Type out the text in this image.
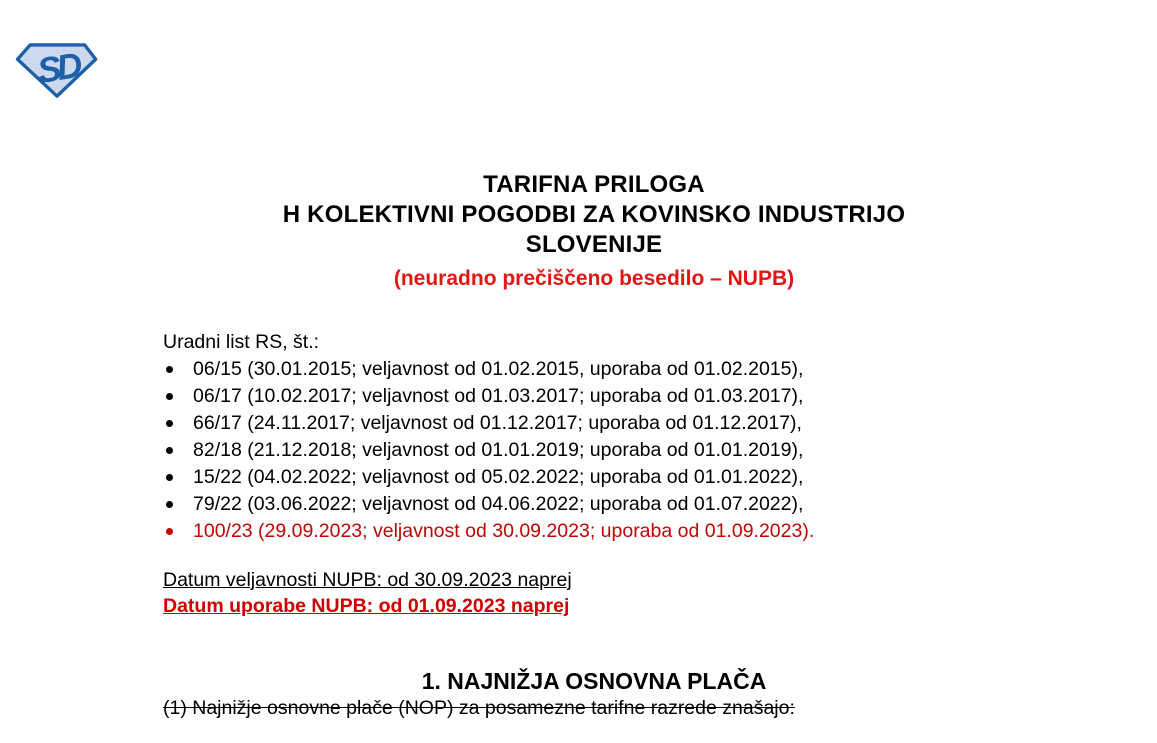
SD
TARIFNA PRILOGA
H KOLEKTIVNI POGODBI ZA KOVINSKO INDUSTRIJO
SLOVENIJE
(neuradno prečiščeno besedilo – NUPB)
Uradni list RS, št.:
06/15 (30.01.2015; veljavnost od 01.02.2015, uporaba od 01.02.2015),
06/17 (10.02.2017; veljavnost od 01.03.2017; uporaba od 01.03.2017),
66/17 (24.11.2017; veljavnost od 01.12.2017; uporaba od 01.12.2017),
82/18 (21.12.2018; veljavnost od 01.01.2019; uporaba od 01.01.2019),
15/22 (04.02.2022; veljavnost od 05.02.2022; uporaba od 01.01.2022),
79/22 (03.06.2022; veljavnost od 04.06.2022; uporaba od 01.07.2022),
100/23 (29.09.2023; veljavnost od 30.09.2023; uporaba od 01.09.2023).
Datum veljavnosti NUPB: od 30.09.2023 naprej
Datum uporabe NUPB: od 01.09.2023 naprej
1. NAJNIŽJA OSNOVNA PLAČA
(1) Najnižje osnovne plače (NOP) za posamezne tarifne razrede znašajo:
